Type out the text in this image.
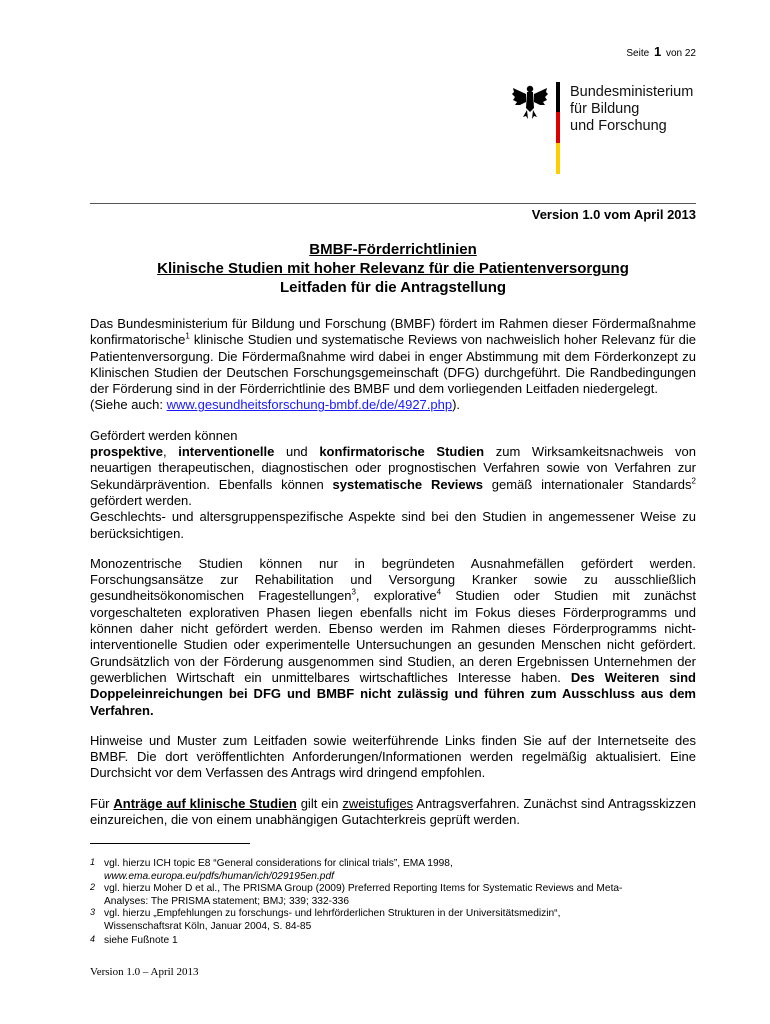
Seite 1 von 22
Bundesministerium
für Bildung
und Forschung
Version 1.0 vom April 2013
BMBF-Förderrichtlinien
Klinische Studien mit hoher Relevanz für die Patientenversorgung
Leitfaden für die Antragstellung

Das Bundesministerium für Bildung und Forschung (BMBF) fördert im Rahmen dieser Fördermaßnahme konfirmatorische$^1$ klinische Studien und systematische Reviews von nachweislich hoher Relevanz für die Patientenversorgung. Die Fördermaßnahme wird dabei in enger Abstimmung mit dem Förderkonzept zu Klinischen Studien der Deutschen Forschungsgemeinschaft (DFG) durchgeführt. Die Randbedingungen der Förderung sind in der Förderrichtlinie des BMBF und dem vorliegenden Leitfaden niedergelegt.
(Siehe auch: www.gesundheitsforschung-bmbf.de/de/4927.php).

Gefördert werden können
prospektive, interventionelle und konfirmatorische Studien zum Wirksamkeitsnachweis von neuartigen therapeutischen, diagnostischen oder prognostischen Verfahren sowie von Verfahren zur Sekundärprävention. Ebenfalls können systematische Reviews gemäß internationaler Standards$^2$ gefördert werden.
Geschlechts- und altersgruppenspezifische Aspekte sind bei den Studien in angemessener Weise zu berücksichtigen.

Monozentrische Studien können nur in begründeten Ausnahmefällen gefördert werden. Forschungsansätze zur Rehabilitation und Versorgung Kranker sowie zu ausschließlich gesundheitsökonomischen Fragestellungen$^3$, explorative$^4$ Studien oder Studien mit zunächst vorgeschalteten explorativen Phasen liegen ebenfalls nicht im Fokus dieses Förderprogramms und können daher nicht gefördert werden. Ebenso werden im Rahmen dieses Förderprogramms nicht-interventionelle Studien oder experimentelle Untersuchungen an gesunden Menschen nicht gefördert. Grundsätzlich von der Förderung ausgenommen sind Studien, an deren Ergebnissen Unternehmen der gewerblichen Wirtschaft ein unmittelbares wirtschaftliches Interesse haben. Des Weiteren sind Doppeleinreichungen bei DFG und BMBF nicht zulässig und führen zum Ausschluss aus dem Verfahren.

Hinweise und Muster zum Leitfaden sowie weiterführende Links finden Sie auf der Internetseite des BMBF. Die dort veröffentlichten Anforderungen/Informationen werden regelmäßig aktualisiert. Eine Durchsicht vor dem Verfassen des Antrags wird dringend empfohlen.

Für Anträge auf klinische Studien gilt ein zweistufiges Antragsverfahren. Zunächst sind Antragsskizzen einzureichen, die von einem unabhängigen Gutachterkreis geprüft werden.

1 vgl. hierzu ICH topic E8 “General considerations for clinical trials”, EMA 1998,
www.ema.europa.eu/pdfs/human/ich/029195en.pdf
2 vgl. hierzu Moher D et al., The PRISMA Group (2009) Preferred Reporting Items for Systematic Reviews and Meta-
Analyses: The PRISMA statement; BMJ; 339; 332-336
3 vgl. hierzu „Empfehlungen zu forschungs- und lehrförderlichen Strukturen in der Universitätsmedizin“,
Wissenschaftsrat Köln, Januar 2004, S. 84-85
4 siehe Fußnote 1
Version 1.0 – April 2013
